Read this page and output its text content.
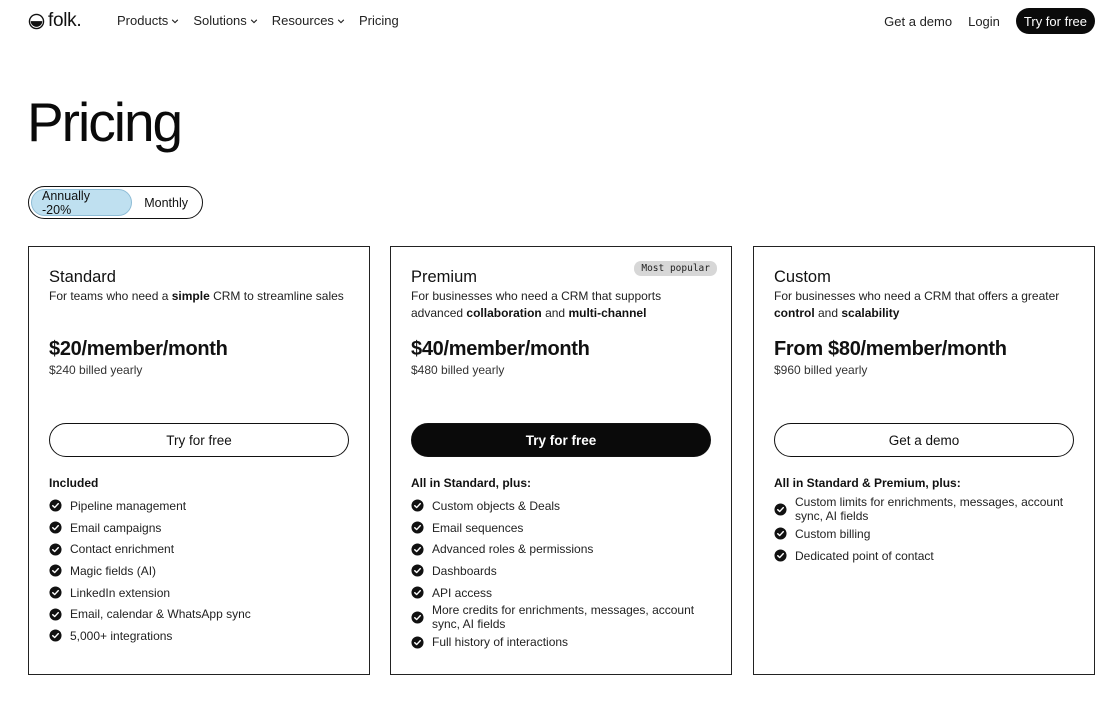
folk.	Products Solutions Resources Pricing	Get a demo Login	Try for free
Pricing
Annually -20%	Monthly
Standard
For teams who need a simple CRM to streamline sales
$20/member/month
$240 billed yearly
Try for free
Included
Pipeline management
Email campaigns
Contact enrichment
Magic fields (AI)
LinkedIn extension
Email, calendar & WhatsApp sync
5,000+ integrations
Most popular
Premium
For businesses who need a CRM that supports advanced collaboration and multi-channel
$40/member/month
$480 billed yearly
Try for free
All in Standard, plus:
Custom objects & Deals
Email sequences
Advanced roles & permissions
Dashboards
API access
More credits for enrichments, messages, account sync, AI fields
Full history of interactions
Custom
For businesses who need a CRM that offers a greater control and scalability
From $80/member/month
$960 billed yearly
Get a demo
All in Standard & Premium, plus:
Custom limits for enrichments, messages, account sync, AI fields
Custom billing
Dedicated point of contact
